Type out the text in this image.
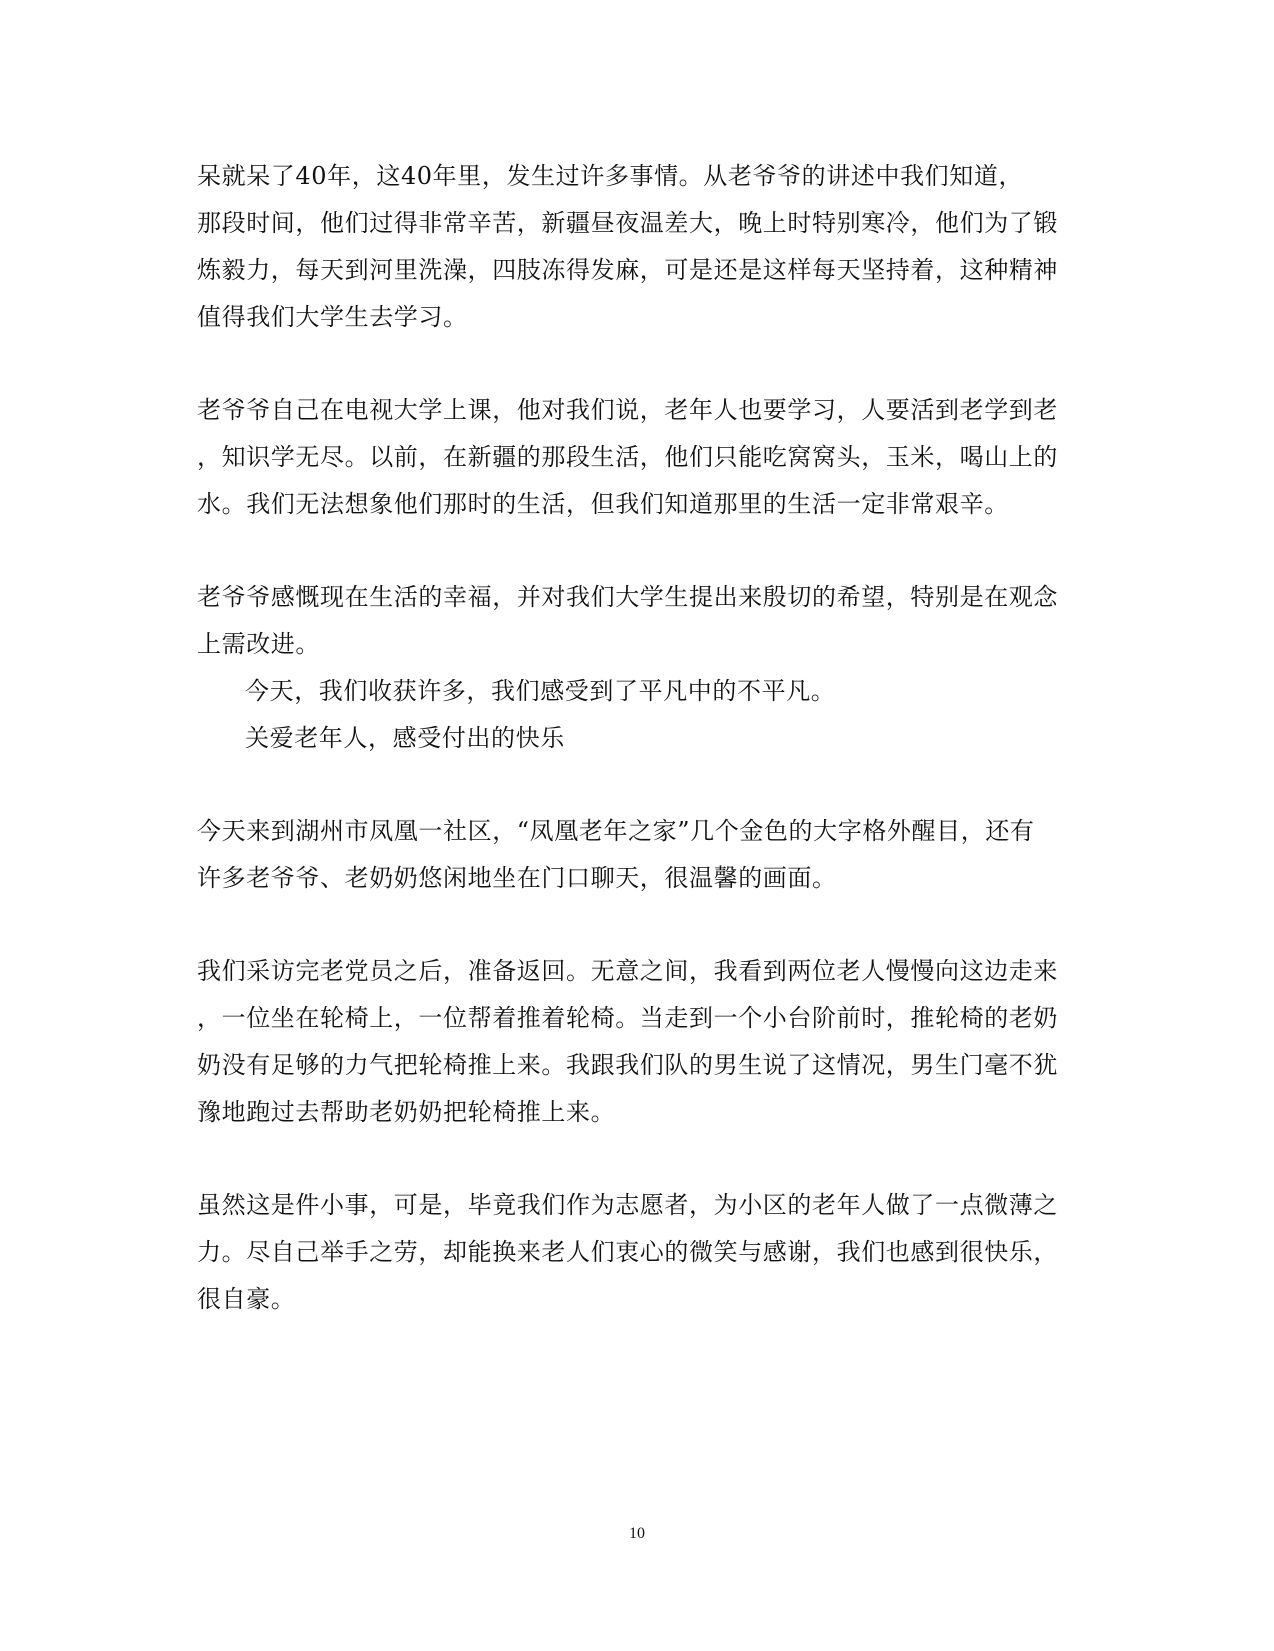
呆就呆了40年，这40年里，发生过许多事情。从老爷爷的讲述中我们知道，
那段时间，他们过得非常辛苦，新疆昼夜温差大，晚上时特别寒冷，他们为了锻
炼毅力，每天到河里洗澡，四肢冻得发麻，可是还是这样每天坚持着，这种精神
值得我们大学生去学习。
老爷爷自己在电视大学上课，他对我们说，老年人也要学习，人要活到老学到老
，知识学无尽。以前，在新疆的那段生活，他们只能吃窝窝头，玉米，喝山上的
水。我们无法想象他们那时的生活，但我们知道那里的生活一定非常艰辛。
老爷爷感慨现在生活的幸福，并对我们大学生提出来殷切的希望，特别是在观念
上需改进。
今天，我们收获许多，我们感受到了平凡中的不平凡。
关爱老年人，感受付出的快乐
今天来到湖州市凤凰一社区，“凤凰老年之家”几个金色的大字格外醒目，还有
许多老爷爷、老奶奶悠闲地坐在门口聊天，很温馨的画面。
我们采访完老党员之后，准备返回。无意之间，我看到两位老人慢慢向这边走来
，一位坐在轮椅上，一位帮着推着轮椅。当走到一个小台阶前时，推轮椅的老奶
奶没有足够的力气把轮椅推上来。我跟我们队的男生说了这情况，男生门毫不犹
豫地跑过去帮助老奶奶把轮椅推上来。
虽然这是件小事，可是，毕竟我们作为志愿者，为小区的老年人做了一点微薄之
力。尽自己举手之劳，却能换来老人们衷心的微笑与感谢，我们也感到很快乐，
很自豪。
10
